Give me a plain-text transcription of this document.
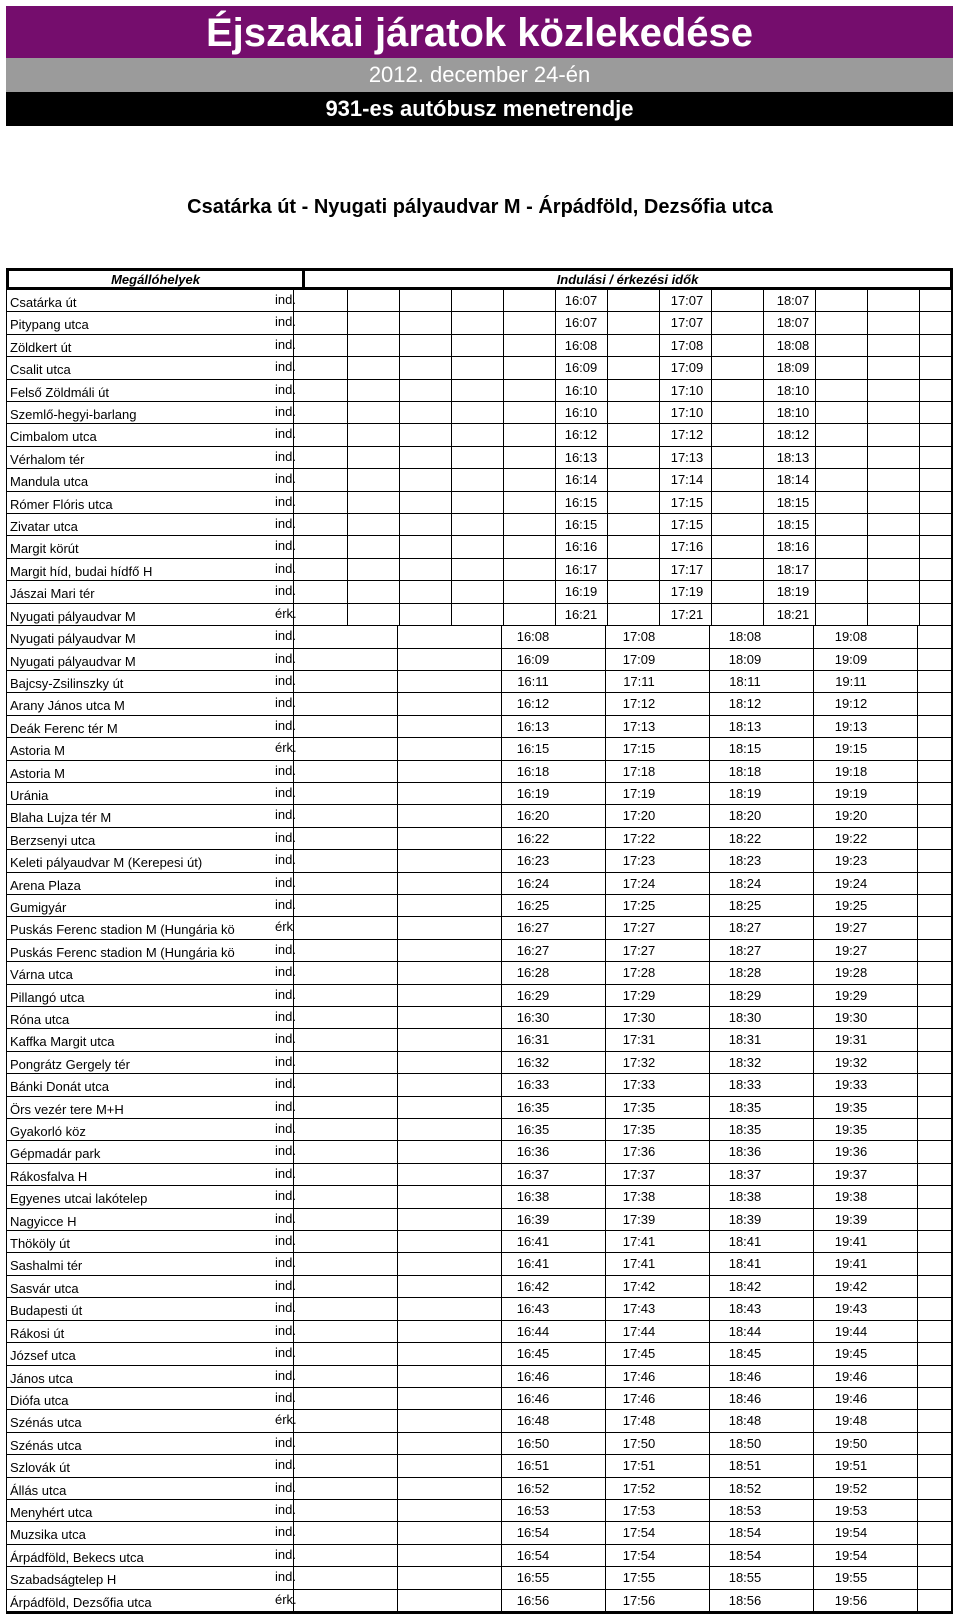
Éjszakai járatok közlekedése
2012. december 24-én
931-es autóbusz menetrendje
Csatárka út - Nyugati pályaudvar M - Árpádföld, Dezsőfia utca
Megállóhelyek	Indulási / érkezési idők
Csatárka út	ind.	16:07	17:07	18:07
Pitypang utca	ind.	16:07	17:07	18:07
Zöldkert út	ind.	16:08	17:08	18:08
Csalit utca	ind.	16:09	17:09	18:09
Felső Zöldmáli út	ind.	16:10	17:10	18:10
Szemlő-hegyi-barlang	ind.	16:10	17:10	18:10
Cimbalom utca	ind.	16:12	17:12	18:12
Vérhalom tér	ind.	16:13	17:13	18:13
Mandula utca	ind.	16:14	17:14	18:14
Rómer Flóris utca	ind.	16:15	17:15	18:15
Zivatar utca	ind.	16:15	17:15	18:15
Margit körút	ind.	16:16	17:16	18:16
Margit híd, budai hídfő H	ind.	16:17	17:17	18:17
Jászai Mari tér	ind.	16:19	17:19	18:19
Nyugati pályaudvar M	érk.	16:21	17:21	18:21
Nyugati pályaudvar M	ind.	16:08	17:08	18:08	19:08
Nyugati pályaudvar M	ind.	16:09	17:09	18:09	19:09
Bajcsy-Zsilinszky út	ind.	16:11	17:11	18:11	19:11
Arany János utca M	ind.	16:12	17:12	18:12	19:12
Deák Ferenc tér M	ind.	16:13	17:13	18:13	19:13
Astoria M	érk.	16:15	17:15	18:15	19:15
Astoria M	ind.	16:18	17:18	18:18	19:18
Uránia	ind.	16:19	17:19	18:19	19:19
Blaha Lujza tér M	ind.	16:20	17:20	18:20	19:20
Berzsenyi utca	ind.	16:22	17:22	18:22	19:22
Keleti pályaudvar M (Kerepesi út)	ind.	16:23	17:23	18:23	19:23
Arena Plaza	ind.	16:24	17:24	18:24	19:24
Gumigyár	ind.	16:25	17:25	18:25	19:25
Puskás Ferenc stadion M (Hungária kö	érk	16:27	17:27	18:27	19:27
Puskás Ferenc stadion M (Hungária kö	ind.	16:27	17:27	18:27	19:27
Várna utca	ind.	16:28	17:28	18:28	19:28
Pillangó utca	ind.	16:29	17:29	18:29	19:29
Róna utca	ind.	16:30	17:30	18:30	19:30
Kaffka Margit utca	ind.	16:31	17:31	18:31	19:31
Pongrátz Gergely tér	ind.	16:32	17:32	18:32	19:32
Bánki Donát utca	ind.	16:33	17:33	18:33	19:33
Örs vezér tere M+H	ind.	16:35	17:35	18:35	19:35
Gyakorló köz	ind.	16:35	17:35	18:35	19:35
Gépmadár park	ind.	16:36	17:36	18:36	19:36
Rákosfalva H	ind.	16:37	17:37	18:37	19:37
Egyenes utcai lakótelep	ind.	16:38	17:38	18:38	19:38
Nagyicce H	ind.	16:39	17:39	18:39	19:39
Thököly út	ind.	16:41	17:41	18:41	19:41
Sashalmi tér	ind.	16:41	17:41	18:41	19:41
Sasvár utca	ind.	16:42	17:42	18:42	19:42
Budapesti út	ind.	16:43	17:43	18:43	19:43
Rákosi út	ind.	16:44	17:44	18:44	19:44
József utca	ind.	16:45	17:45	18:45	19:45
János utca	ind.	16:46	17:46	18:46	19:46
Diófa utca	ind.	16:46	17:46	18:46	19:46
Szénás utca	érk.	16:48	17:48	18:48	19:48
Szénás utca	ind.	16:50	17:50	18:50	19:50
Szlovák út	ind.	16:51	17:51	18:51	19:51
Állás utca	ind.	16:52	17:52	18:52	19:52
Menyhért utca	ind.	16:53	17:53	18:53	19:53
Muzsika utca	ind.	16:54	17:54	18:54	19:54
Árpádföld, Bekecs utca	ind.	16:54	17:54	18:54	19:54
Szabadságtelep H	ind.	16:55	17:55	18:55	19:55
Árpádföld, Dezsőfia utca	érk.	16:56	17:56	18:56	19:56
